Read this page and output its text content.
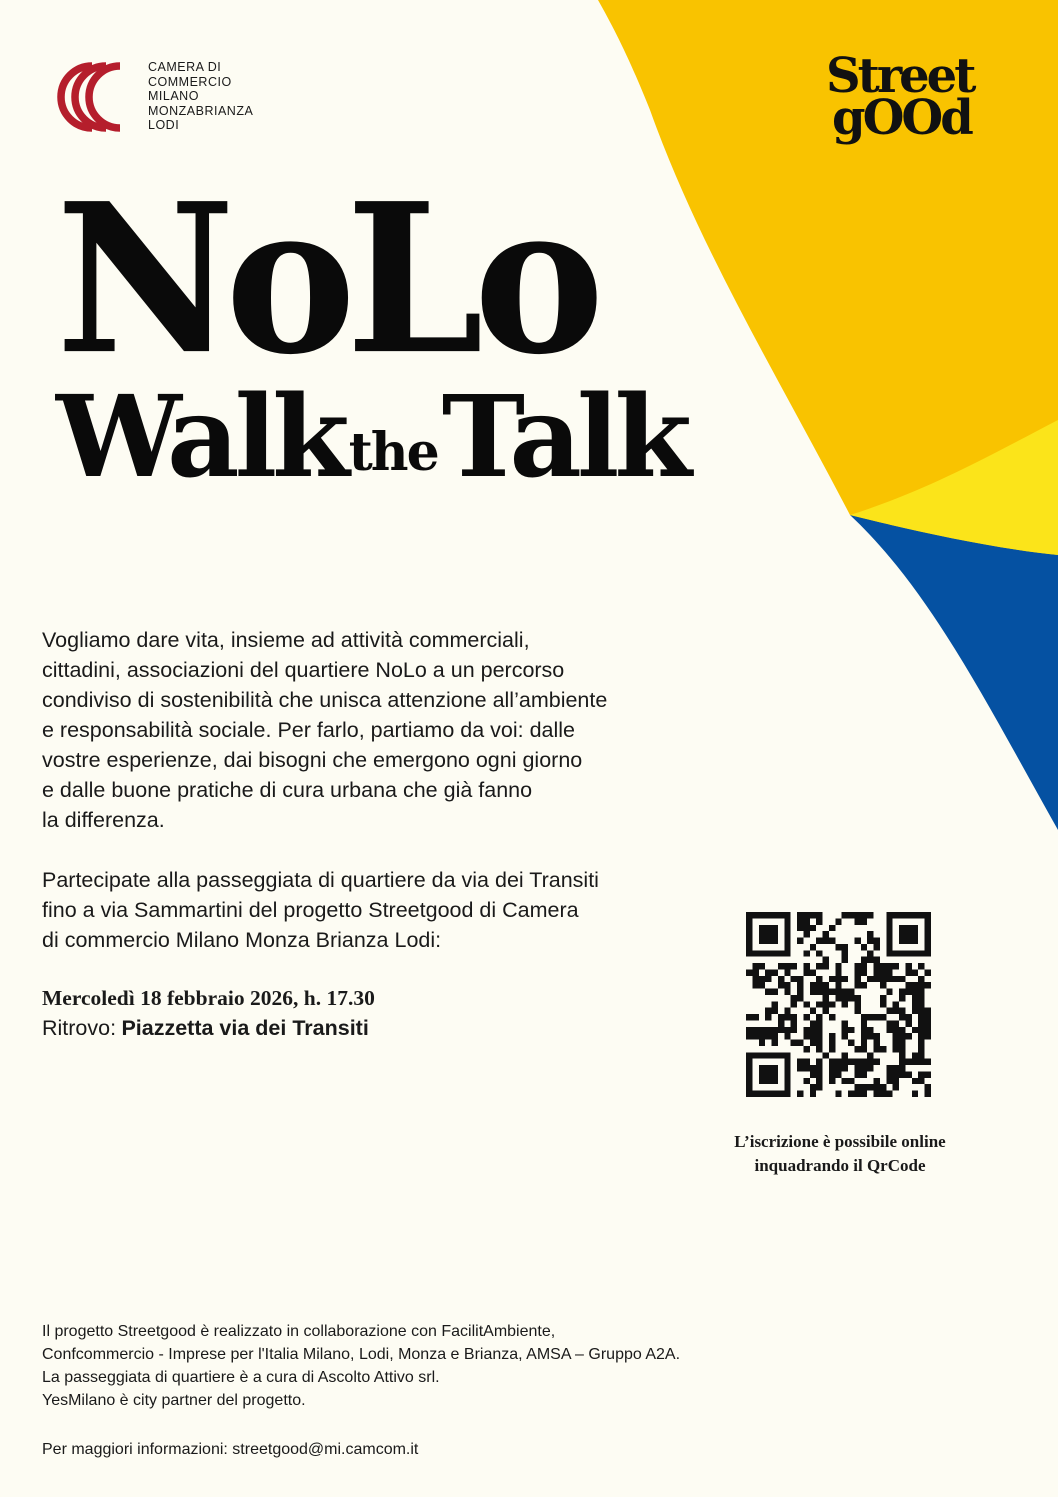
CAMERA DI
COMMERCIO
MILANO
MONZABRIANZA
LODI
Street
gOOd
NoLo
WalktheTalk
Vogliamo dare vita, insieme ad attività commerciali,
cittadini, associazioni del quartiere NoLo a un percorso
condiviso di sostenibilità che unisca attenzione all’ambiente
e responsabilità sociale. Per farlo, partiamo da voi: dalle
vostre esperienze, dai bisogni che emergono ogni giorno
e dalle buone pratiche di cura urbana che già fanno
la differenza.
Partecipate alla passeggiata di quartiere da via dei Transiti
fino a via Sammartini del progetto Streetgood di Camera
di commercio Milano Monza Brianza Lodi:
Mercoledì 18 febbraio 2026, h. 17.30
Ritrovo: Piazzetta via dei Transiti
L’iscrizione è possibile online
inquadrando il QrCode
Il progetto Streetgood è realizzato in collaborazione con FacilitAmbiente,
Confcommercio - Imprese per l'Italia Milano, Lodi, Monza e Brianza, AMSA – Gruppo A2A.
La passeggiata di quartiere è a cura di Ascolto Attivo srl.
YesMilano è city partner del progetto.
Per maggiori informazioni: streetgood@mi.camcom.it
